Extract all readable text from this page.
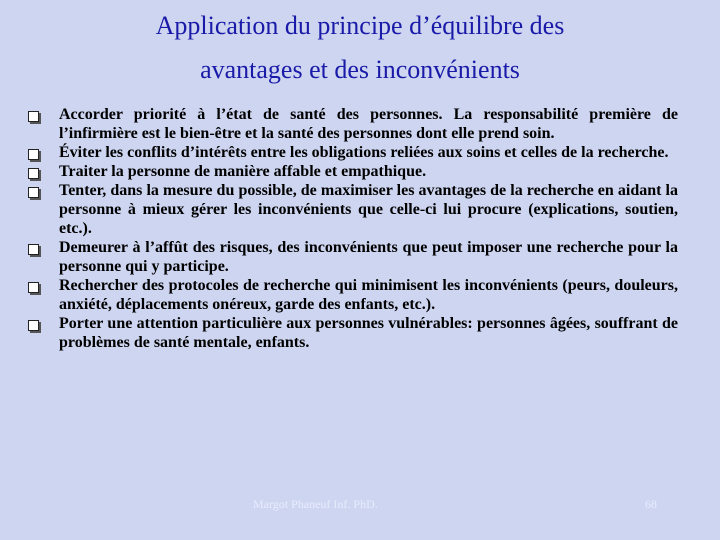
Application du principe d’équilibre des
avantages et des inconvénients
Accorder priorité à l’état de santé des personnes. La responsabilité première de l’infirmière est le bien-être et la santé des personnes dont elle prend soin.
Éviter les conflits d’intérêts entre les obligations reliées aux soins et celles de la recherche.
Traiter la personne de manière affable et empathique.
Tenter, dans la mesure du possible, de maximiser les avantages de la recherche en aidant la personne à mieux gérer les inconvénients que celle-ci lui procure (explications, soutien, etc.).
Demeurer à l’affût des risques, des inconvénients que peut imposer une recherche pour la personne qui y participe.
Rechercher des protocoles de recherche qui minimisent les inconvénients (peurs, douleurs, anxiété, déplacements onéreux, garde des enfants, etc.).
Porter une attention particulière aux personnes vulnérables: personnes âgées, souffrant de problèmes de santé mentale, enfants.
Margot Phaneuf Inf. PhD.	68
